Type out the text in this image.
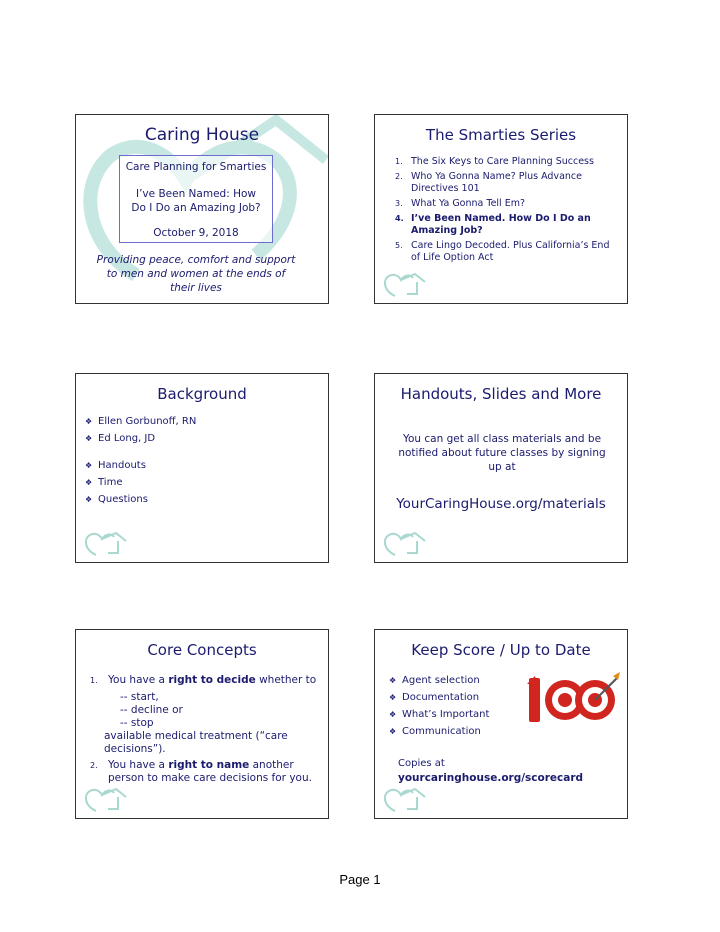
Caring House
Care Planning for Smarties
I’ve Been Named: How Do I Do an Amazing Job?
October 9, 2018
Providing peace, comfort and support to men and women at the ends of their lives
The Smarties Series
1. The Six Keys to Care Planning Success
2. Who Ya Gonna Name? Plus Advance Directives 101
3. What Ya Gonna Tell Em?
4. I’ve Been Named. How Do I Do an Amazing Job?
5. Care Lingo Decoded. Plus California’s End of Life Option Act
Background
❖ Ellen Gorbunoff, RN
❖ Ed Long, JD
❖ Handouts
❖ Time
❖ Questions
Handouts, Slides and More
You can get all class materials and be notified about future classes by signing up at
YourCaringHouse.org/materials
Core Concepts
1. You have a right to decide whether to
-- start,
-- decline or
-- stop
available medical treatment (“care decisions”).
2. You have a right to name another person to make care decisions for you.
Keep Score / Up to Date
❖ Agent selection
❖ Documentation
❖ What’s Important
❖ Communication
Copies at
yourcaringhouse.org/scorecard
Page 1
